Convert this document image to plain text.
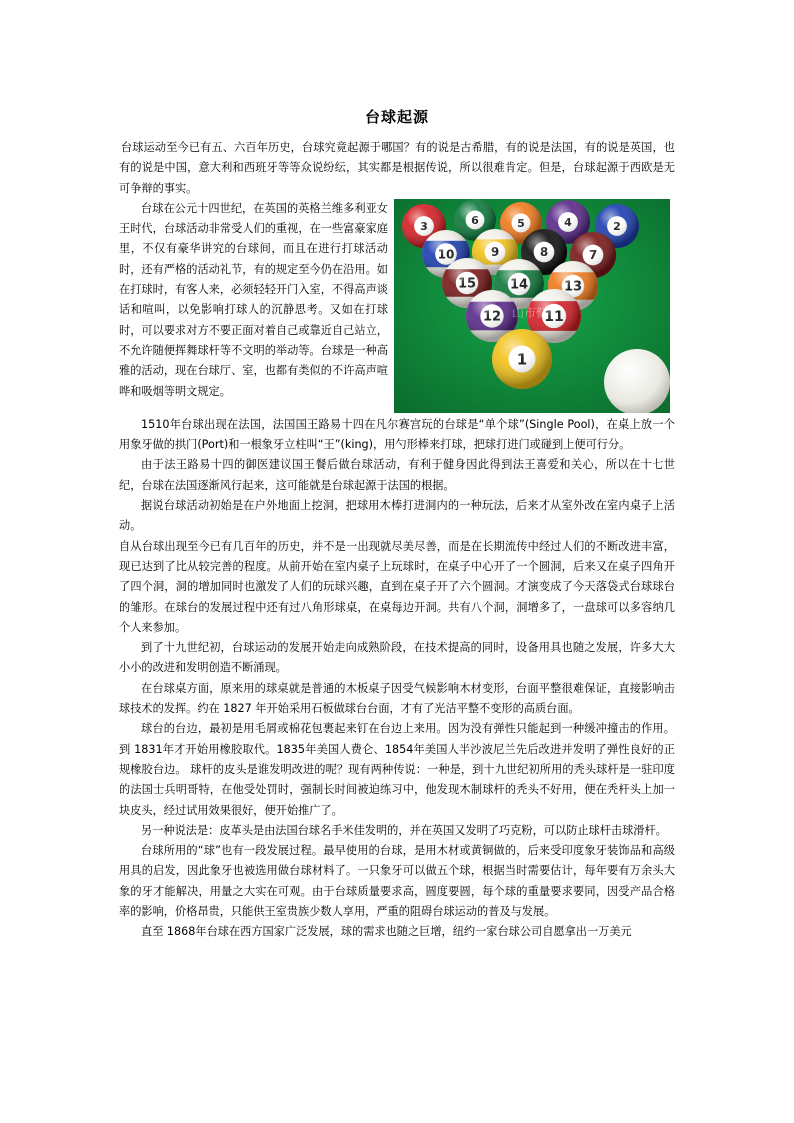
台球起源

台球运动至今已有五、六百年历史，台球究竟起源于哪国？有的说是古希腊，有的说是法国，有的说是英国，也有的说是中国，意大利和西班牙等等众说纷纭，其实都是根据传说，所以很难肯定。但是，台球起源于西欧是无可争辩的事实。

山市健

台球在公元十四世纪，在英国的英格兰维多利亚女王时代，台球活动非常受人们的重视，在一些富豪家庭里，不仅有豪华讲究的台球间，而且在进行打球活动时，还有严格的活动礼节，有的规定至今仍在沿用。如在打球时，有客人来，必须轻轻开门入室，不得高声谈话和喧叫，以免影响打球人的沉静思考。又如在打球时，可以要求对方不要正面对着自己或靠近自己站立，不允许随便挥舞球杆等不文明的举动等。台球是一种高雅的活动，现在台球厅、室，也都有类似的不许高声喧哗和吸烟等明文规定。

1510年台球出现在法国，法国国王路易十四在凡尔赛宫玩的台球是“单个球”(Single Pool)，在桌上放一个用象牙做的拱门(Port)和一根象牙立柱叫“王”(king)，用勺形棒来打球，把球打进门或碰到上便可行分。

由于法王路易十四的御医建议国王餐后做台球活动，有利于健身因此得到法王喜爱和关心，所以在十七世纪，台球在法国逐渐风行起来，这可能就是台球起源于法国的根据。

据说台球活动初始是在户外地面上挖洞，把球用木棒打进洞内的一种玩法，后来才从室外改在室内桌子上活动。

自从台球出现至今已有几百年的历史，并不是一出现就尽美尽善，而是在长期流传中经过人们的不断改进丰富，现已达到了比从较完善的程度。从前开始在室内桌子上玩球时，在桌子中心开了一个圆洞，后来又在桌子四角开了四个洞，洞的增加同时也激发了人们的玩球兴趣，直到在桌子开了六个圆洞。才演变成了今天落袋式台球球台的雏形。在球台的发展过程中还有过八角形球桌，在桌每边开洞。共有八个洞，洞增多了，一盘球可以多容纳几个人来参加。

到了十九世纪初，台球运动的发展开始走向成熟阶段，在技术提高的同时，设备用具也随之发展，许多大大小小的改进和发明创造不断涌现。

在台球桌方面，原来用的球桌就是普通的木板桌子因受气候影响木材变形，台面平整很难保证，直接影响击球技术的发挥。约在 1827 年开始采用石板做球台台面，才有了光洁平整不变形的高质台面。

球台的台边，最初是用毛屑或棉花包裹起来钉在台边上来用。因为没有弹性只能起到一种缓冲撞击的作用。到 1831年才开始用橡胶取代。1835年美国人费仑、1854年美国人半沙波尼兰先后改进并发明了弹性良好的正规橡胶台边。 球杆的皮头是谁发明改进的呢？现有两种传说：一种是，到十九世纪初所用的秃头球杆是一驻印度的法国士兵明哥特，在他受处罚时，强制长时间被迫练习中，他发现木制球杆的秃头不好用，便在秃杆头上加一块皮头，经过试用效果很好，便开始推广了。

另一种说法是：皮革头是由法国台球名手米佳发明的，并在英国又发明了巧克粉，可以防止球杆击球滑杆。

台球所用的“球”也有一段发展过程。最早使用的台球，是用木材或黄铜做的，后来受印度象牙装饰品和高级用具的启发，因此象牙也被选用做台球材料了。一只象牙可以做五个球，根据当时需要估计，每年要有万余头大象的牙才能解决，用量之大实在可观。由于台球质量要求高，圆度要圆，每个球的重量要求要同，因受产品合格率的影响，价格昂贵，只能供王室贵族少数人享用，严重的阻碍台球运动的普及与发展。

直至 1868年台球在西方国家广泛发展，球的需求也随之巨增，纽约一家台球公司自愿拿出一万美元
